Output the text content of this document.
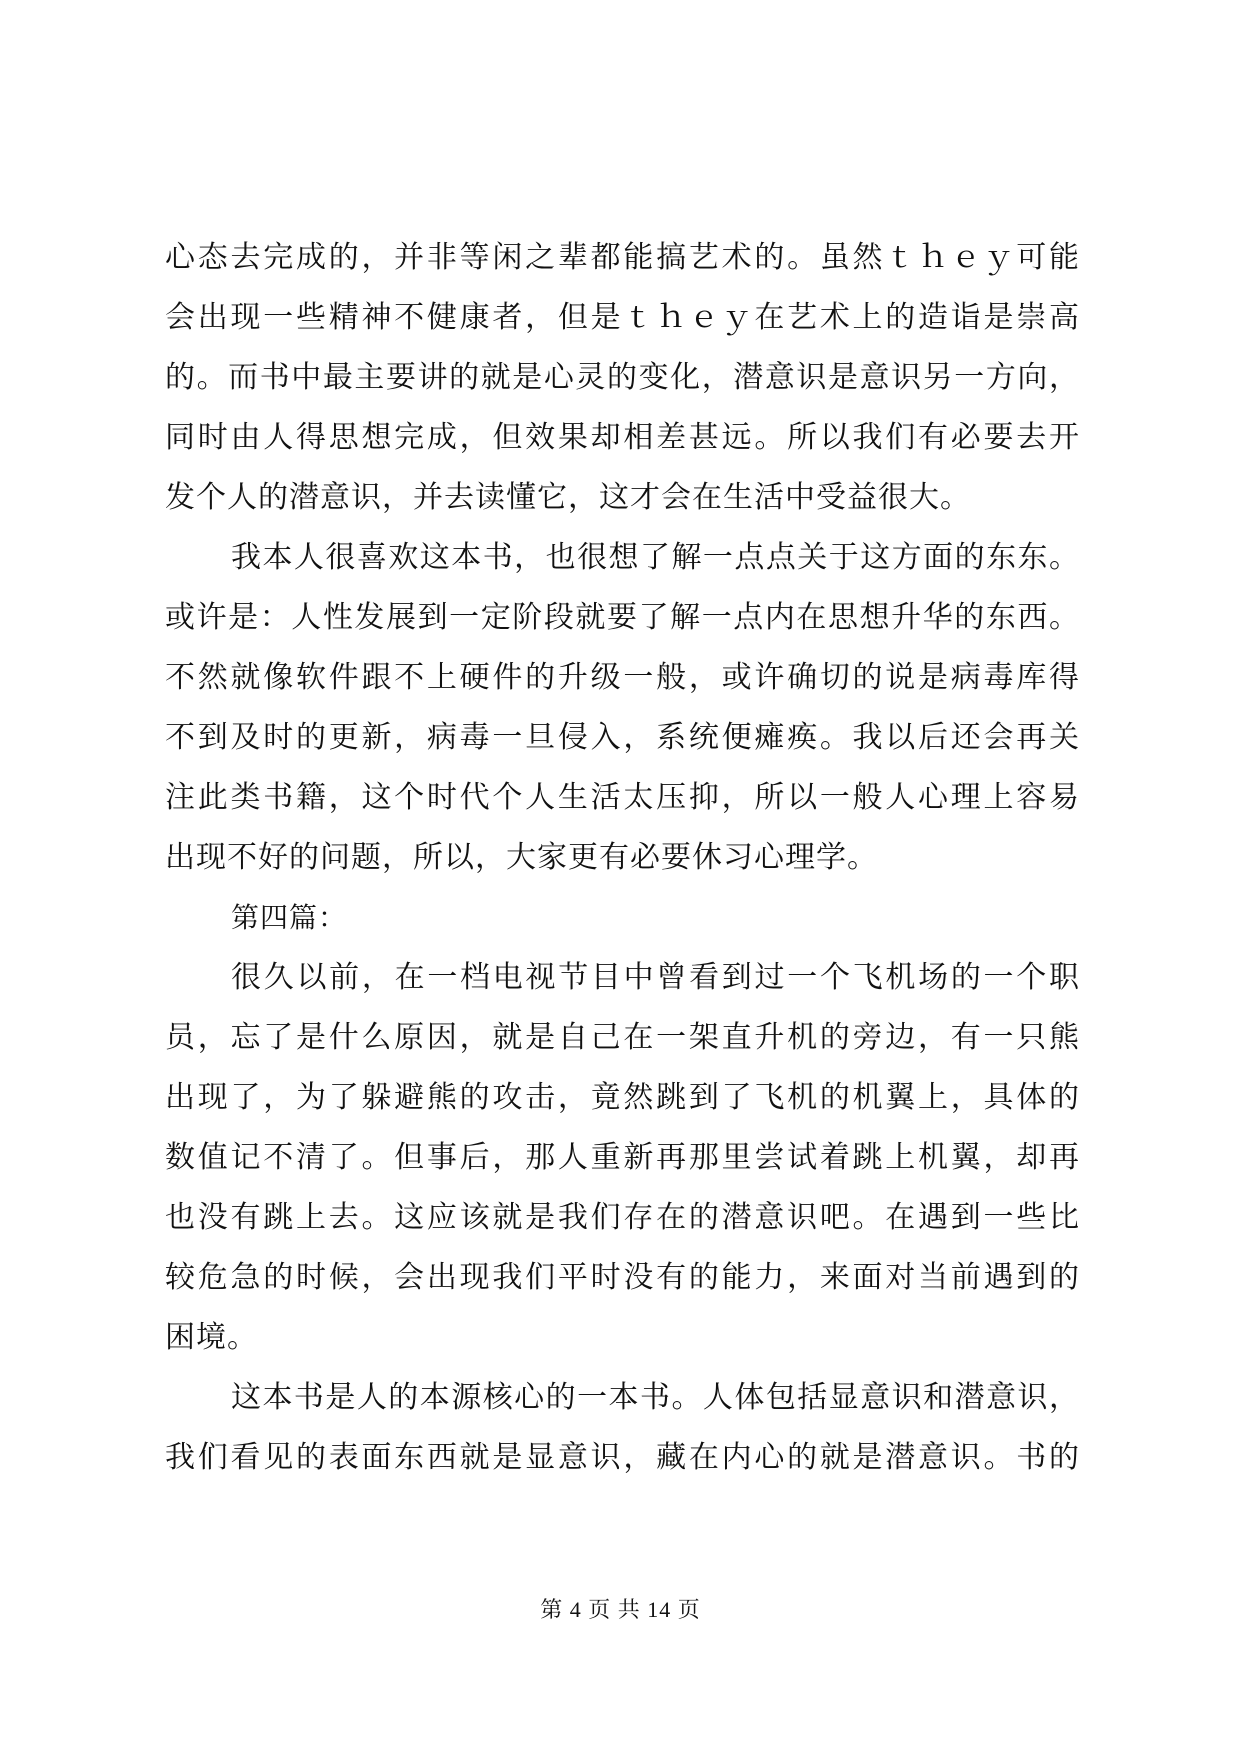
心态去完成的，并非等闲之辈都能搞艺术的。虽然ｔｈｅｙ可能
会出现一些精神不健康者，但是ｔｈｅｙ在艺术上的造诣是崇高
的。而书中最主要讲的就是心灵的变化，潜意识是意识另一方向，
同时由人得思想完成，但效果却相差甚远。所以我们有必要去开
发个人的潜意识，并去读懂它，这才会在生活中受益很大。
我本人很喜欢这本书，也很想了解一点点关于这方面的东东。
或许是：人性发展到一定阶段就要了解一点内在思想升华的东西。
不然就像软件跟不上硬件的升级一般，或许确切的说是病毒库得
不到及时的更新，病毒一旦侵入，系统便瘫痪。我以后还会再关
注此类书籍，这个时代个人生活太压抑，所以一般人心理上容易
出现不好的问题，所以，大家更有必要休习心理学。
第四篇：
很久以前，在一档电视节目中曾看到过一个飞机场的一个职
员，忘了是什么原因，就是自己在一架直升机的旁边，有一只熊
出现了，为了躲避熊的攻击，竟然跳到了飞机的机翼上，具体的
数值记不清了。但事后，那人重新再那里尝试着跳上机翼，却再
也没有跳上去。这应该就是我们存在的潜意识吧。在遇到一些比
较危急的时候，会出现我们平时没有的能力，来面对当前遇到的
困境。
这本书是人的本源核心的一本书。人体包括显意识和潜意识，
我们看见的表面东西就是显意识，藏在内心的就是潜意识。书的
第 4 页 共 14 页
